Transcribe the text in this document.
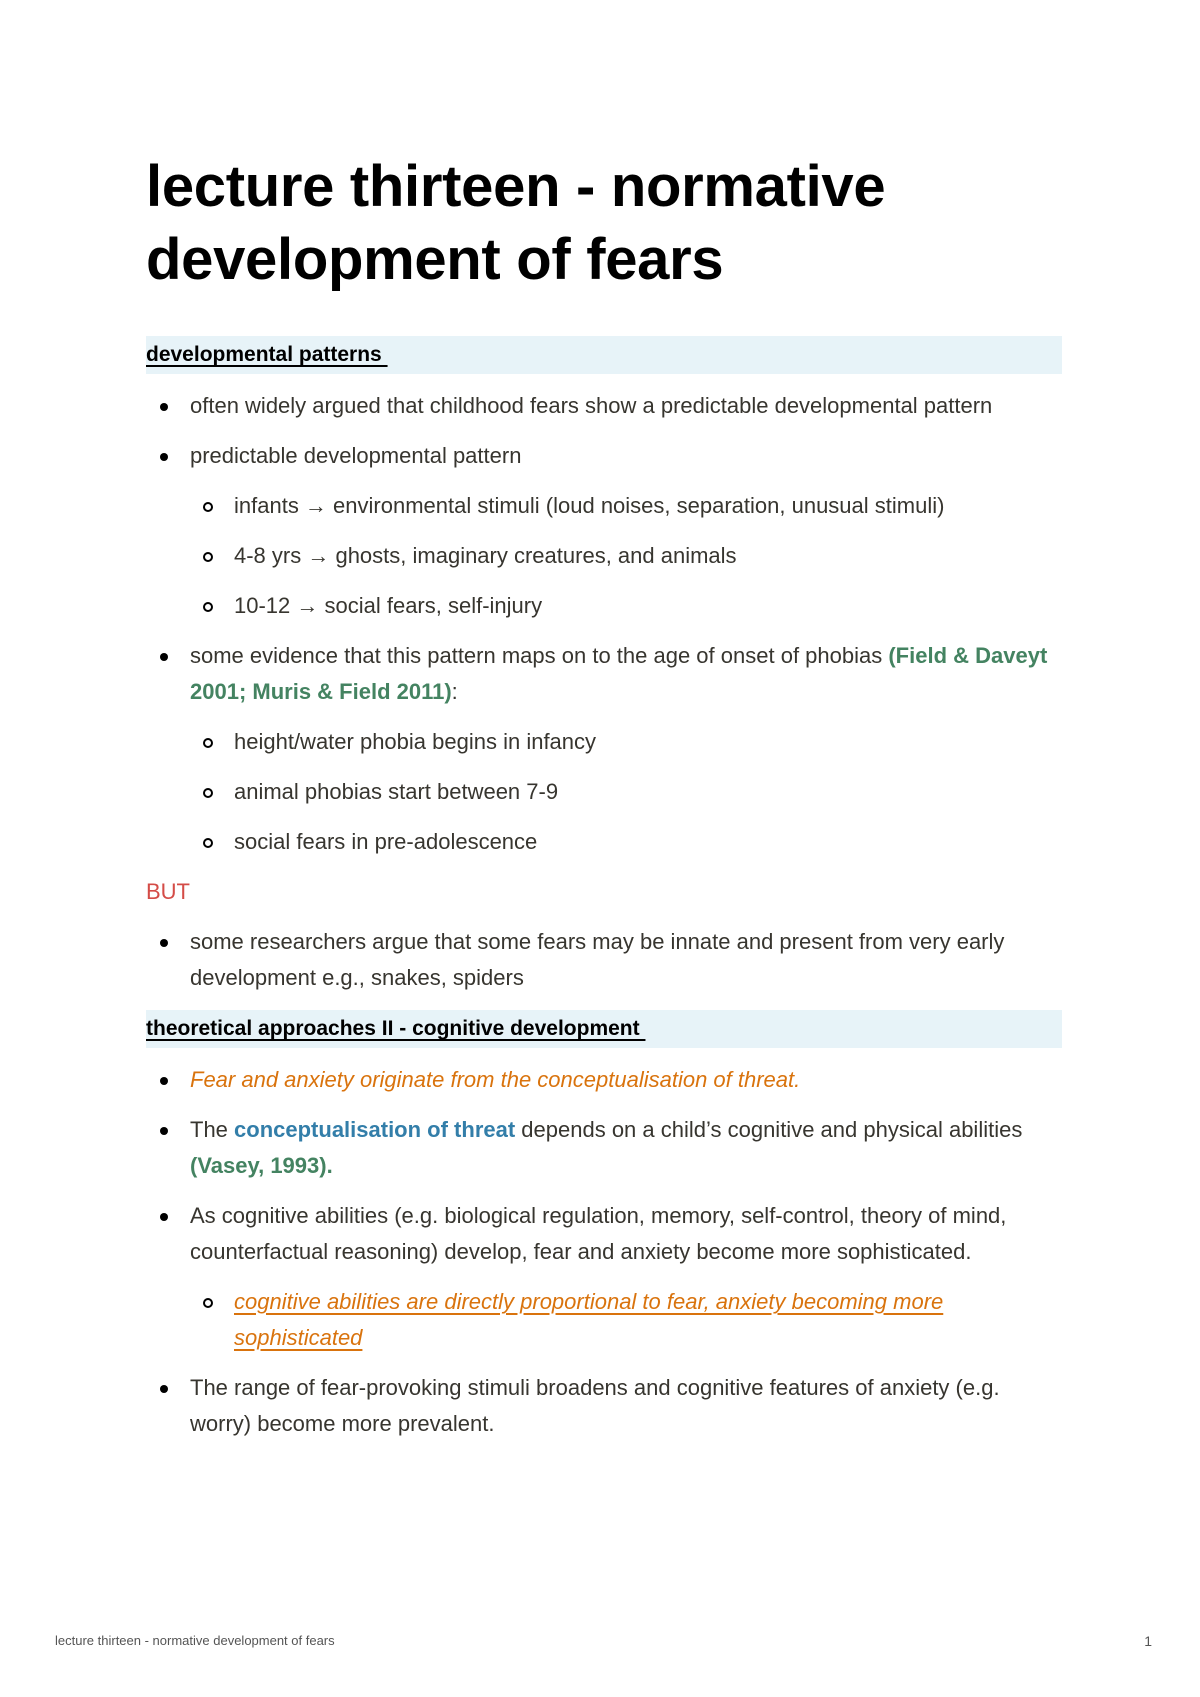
lecture thirteen - normative development of fears
developmental patterns
often widely argued that childhood fears show a predictable developmental pattern
predictable developmental pattern
infants → environmental stimuli (loud noises, separation, unusual stimuli)
4-8 yrs → ghosts, imaginary creatures, and animals
10-12 → social fears, self-injury
some evidence that this pattern maps on to the age of onset of phobias (Field & Daveyt 2001; Muris & Field 2011):
height/water phobia begins in infancy
animal phobias start between 7-9
social fears in pre-adolescence
BUT
some researchers argue that some fears may be innate and present from very early development e.g., snakes, spiders
theoretical approaches II - cognitive development
Fear and anxiety originate from the conceptualisation of threat.
The conceptualisation of threat depends on a child’s cognitive and physical abilities (Vasey, 1993).
As cognitive abilities (e.g. biological regulation, memory, self-control, theory of mind, counterfactual reasoning) develop, fear and anxiety become more sophisticated.
cognitive abilities are directly proportional to fear, anxiety becoming more sophisticated
The range of fear-provoking stimuli broadens and cognitive features of anxiety (e.g. worry) become more prevalent.
lecture thirteen - normative development of fears	1
